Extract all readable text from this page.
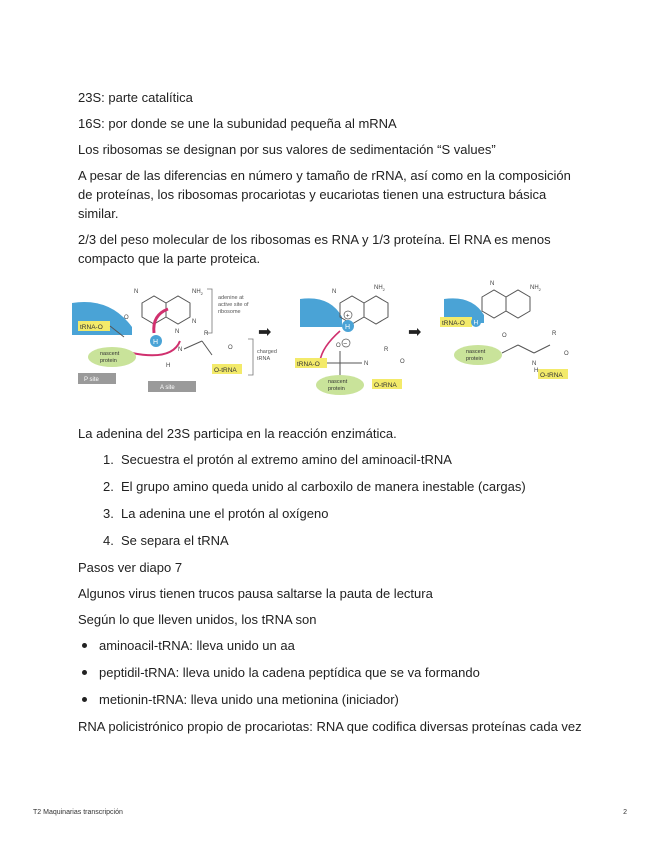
23S: parte catalítica

16S: por donde se une la subunidad pequeña al mRNA

Los ribosomas se designan por sus valores de sedimentación “S values”

A pesar de las diferencias en número y tamaño de rRNA, así como en la composición de proteínas, los ribosomas procariotas y eucariotas tienen una estructura básica similar.

2/3 del peso molecular de los ribosomas es RNA y 1/3 proteína. El RNA es menos compacto que la parte proteica.

N	$NH_2$
N
N
adenine at
active site of
ribosome
H
tRNA-O
O
nascent
protein
N
H
R
O
O-tRNA
charged
tRNA
P site
A site
➡
N
$NH_2$
+
H
−
O
tRNA-O	N
R
O
nascent
protein	O-tRNA
➡
N
$NH_2$
tRNA-O H
nascent
protein
O
N
H
R
O
O-tRNA

La adenina del 23S participa en la reacción enzimática.

1. Secuestra el protón al extremo amino del aminoacil-tRNA
2. El grupo amino queda unido al carboxilo de manera inestable (cargas)
3. La adenina une el protón al oxígeno
4. Se separa el tRNA

Pasos ver diapo 7

Algunos virus tienen trucos pausa saltarse la pauta de lectura

Según lo que lleven unidos, los tRNA son

aminoacil-tRNA: lleva unido un aa
peptidil-tRNA: lleva unido la cadena peptídica que se va formando
metionin-tRNA: lleva unido una metionina (iniciador)

RNA policistrónico propio de procariotas: RNA que codifica diversas proteínas cada vez

T2 Maquinarias transcripción	2
